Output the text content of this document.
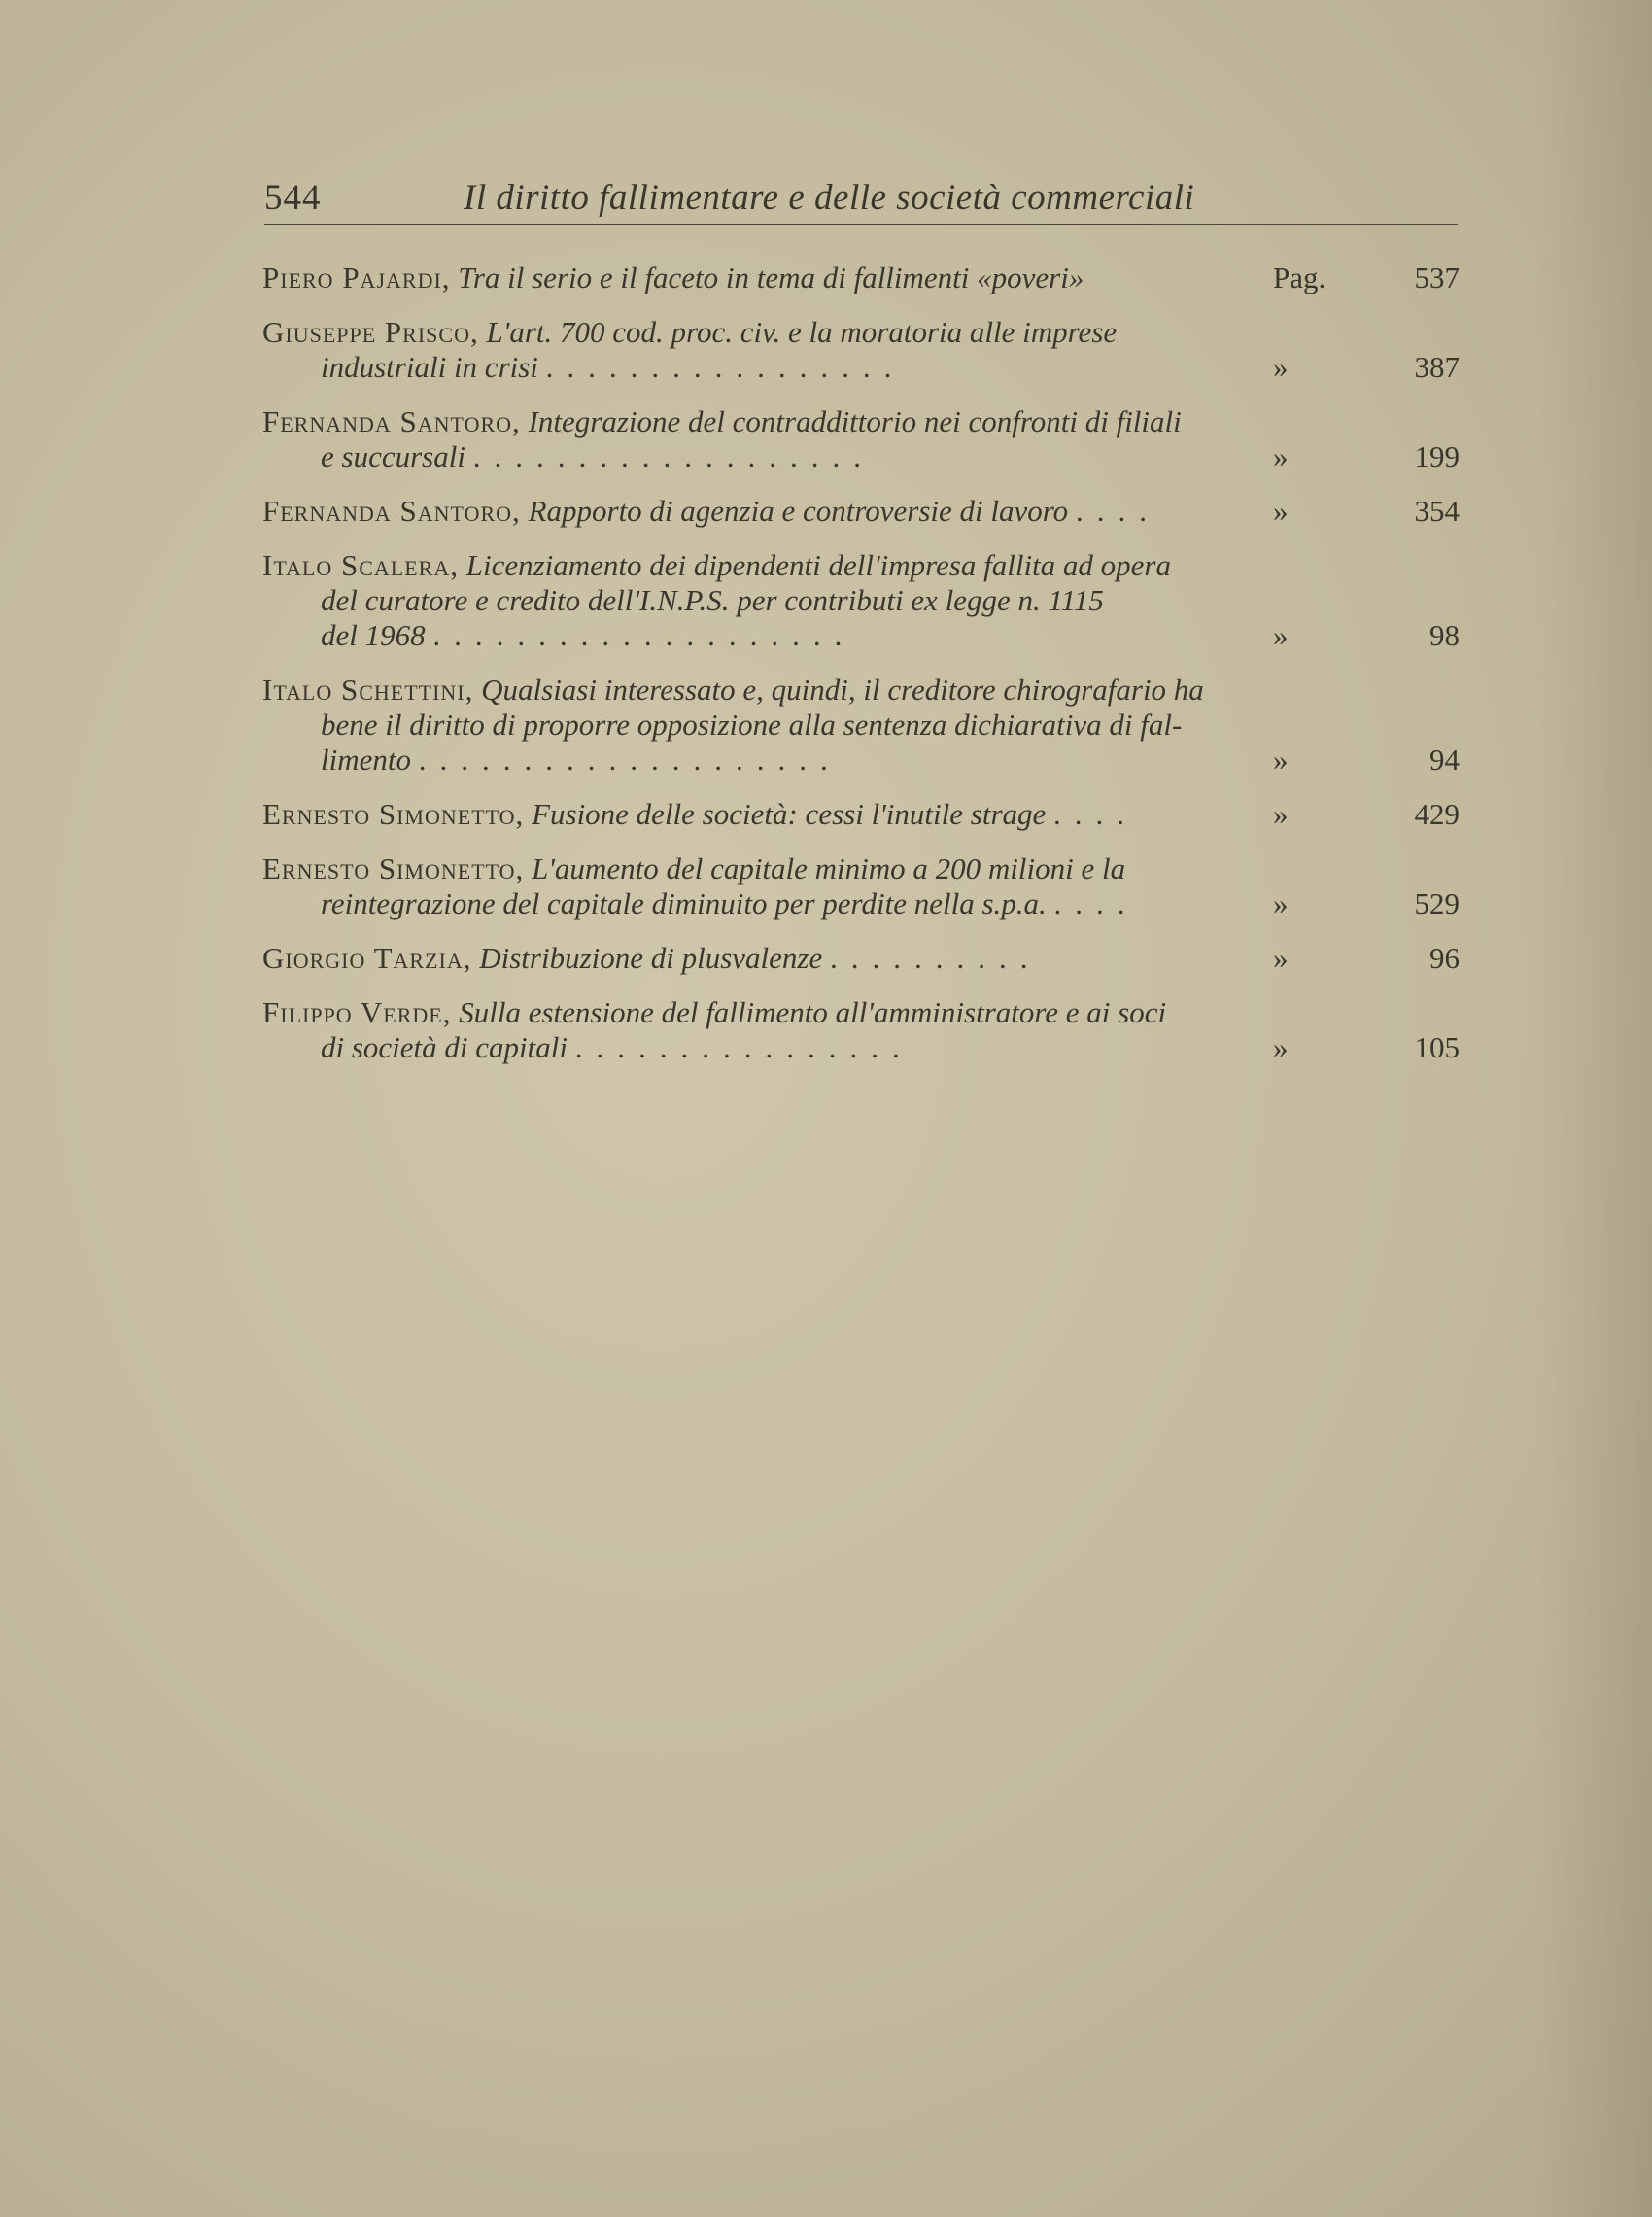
544	Il diritto fallimentare e delle società commerciali
Piero Pajardi, Tra il serio e il faceto in tema di fallimenti «poveri»	Pag.	537
Giuseppe Prisco, L'art. 700 cod. proc. civ. e la moratoria alle imprese
industriali in crisi .................	»	387
Fernanda Santoro, Integrazione del contraddittorio nei confronti di filiali
e succursali ...................	»	199
Fernanda Santoro, Rapporto di agenzia e controversie di lavoro ....	»	354
Italo Scalera, Licenziamento dei dipendenti dell'impresa fallita ad opera
del curatore e credito dell'I.N.P.S. per contributi ex legge n. 1115
del 1968 ....................	»	98
Italo Schettini, Qualsiasi interessato e, quindi, il creditore chirografario ha
bene il diritto di proporre opposizione alla sentenza dichiarativa di fal-
limento ....................	»	94
Ernesto Simonetto, Fusione delle società: cessi l'inutile strage ....	»	429
Ernesto Simonetto, L'aumento del capitale minimo a 200 milioni e la
reintegrazione del capitale diminuito per perdite nella s.p.a. ....	»	529
Giorgio Tarzia, Distribuzione di plusvalenze ..........	»	96
Filippo Verde, Sulla estensione del fallimento all'amministratore e ai soci
di società di capitali ................	»	105
